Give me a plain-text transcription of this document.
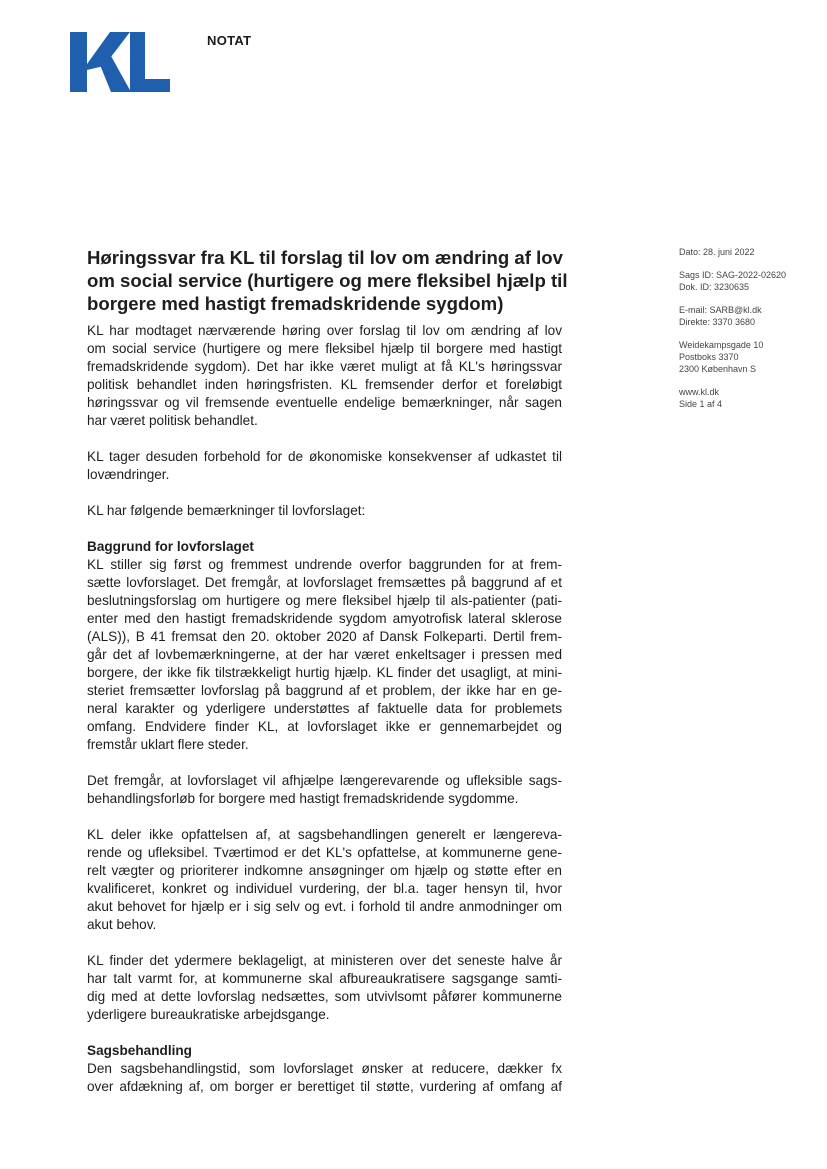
NOTAT
Høringssvar fra KL til forslag til lov om ændring af lov
om social service (hurtigere og mere fleksibel hjælp til
borgere med hastigt fremadskridende sygdom)
Dato: 28. juni 2022
Sags ID: SAG-2022-02620
Dok. ID: 3230635
E-mail: SARB@kl.dk
Direkte: 3370 3680
Weidekampsgade 10
Postboks 3370
2300 København S
www.kl.dk
Side 1 af 4

KL har modtaget nærværende høring over forslag til lov om ændring af lov
om social service (hurtigere og mere fleksibel hjælp til borgere med hastigt
fremadskridende sygdom). Det har ikke været muligt at få KL's høringssvar
politisk behandlet inden høringsfristen. KL fremsender derfor et foreløbigt
høringssvar og vil fremsende eventuelle endelige bemærkninger, når sagen
har været politisk behandlet.

KL tager desuden forbehold for de økonomiske konsekvenser af udkastet til
lovændringer.

KL har følgende bemærkninger til lovforslaget:

Baggrund for lovforslaget

KL stiller sig først og fremmest undrende overfor baggrunden for at frem-
sætte lovforslaget. Det fremgår, at lovforslaget fremsættes på baggrund af et
beslutningsforslag om hurtigere og mere fleksibel hjælp til als-patienter (pati-
enter med den hastigt fremadskridende sygdom amyotrofisk lateral sklerose
(ALS)), B 41 fremsat den 20. oktober 2020 af Dansk Folkeparti. Dertil frem-
går det af lovbemærkningerne, at der har været enkeltsager i pressen med
borgere, der ikke fik tilstrækkeligt hurtig hjælp. KL finder det usagligt, at mini-
steriet fremsætter lovforslag på baggrund af et problem, der ikke har en ge-
neral karakter og yderligere understøttes af faktuelle data for problemets
omfang. Endvidere finder KL, at lovforslaget ikke er gennemarbejdet og
fremstår uklart flere steder.

Det fremgår, at lovforslaget vil afhjælpe længerevarende og ufleksible sags-
behandlingsforløb for borgere med hastigt fremadskridende sygdomme.

KL deler ikke opfattelsen af, at sagsbehandlingen generelt er længereva-
rende og ufleksibel. Tværtimod er det KL's opfattelse, at kommunerne gene-
relt vægter og prioriterer indkomne ansøgninger om hjælp og støtte efter en
kvalificeret, konkret og individuel vurdering, der bl.a. tager hensyn til, hvor
akut behovet for hjælp er i sig selv og evt. i forhold til andre anmodninger om
akut behov.

KL finder det ydermere beklageligt, at ministeren over det seneste halve år
har talt varmt for, at kommunerne skal afbureaukratisere sagsgange samti-
dig med at dette lovforslag nedsættes, som utvivlsomt påfører kommunerne
yderligere bureaukratiske arbejdsgange.

Sagsbehandling

Den sagsbehandlingstid, som lovforslaget ønsker at reducere, dækker fx
over afdækning af, om borger er berettiget til støtte, vurdering af omfang af
